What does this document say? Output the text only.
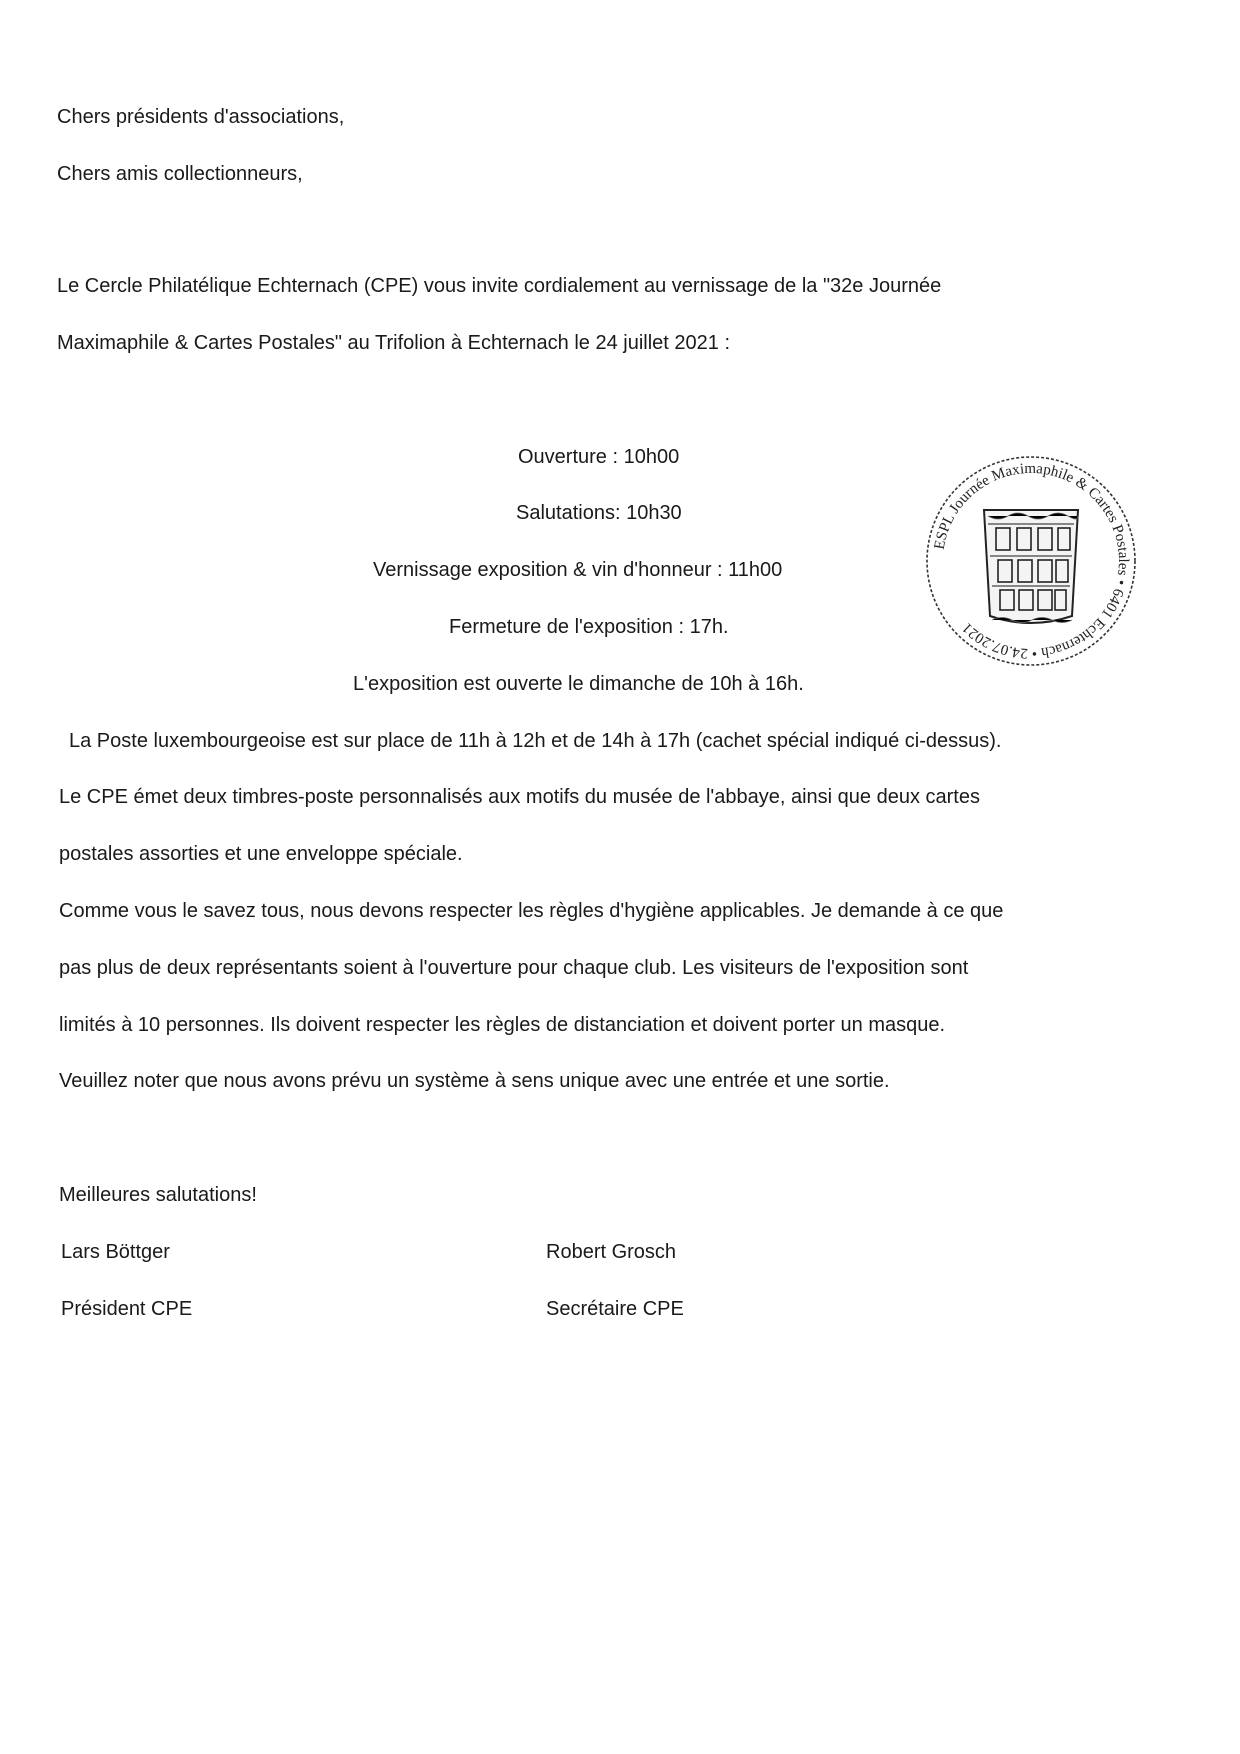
Chers présidents d'associations,
Chers amis collectionneurs,
Le Cercle Philatélique Echternach (CPE) vous invite cordialement au vernissage de la "32e Journée
Maximaphile & Cartes Postales" au Trifolion à Echternach le 24 juillet 2021 :
Ouverture : 10h00
Salutations: 10h30
Vernissage exposition & vin d'honneur : 11h00
Fermeture de l'exposition : 17h.
L'exposition est ouverte le dimanche de 10h à 16h.
La Poste luxembourgeoise est sur place de 11h à 12h et de 14h à 17h (cachet spécial indiqué ci-dessus).
Le CPE émet deux timbres-poste personnalisés aux motifs du musée de l'abbaye, ainsi que deux cartes
postales assorties et une enveloppe spéciale.
Comme vous le savez tous, nous devons respecter les règles d'hygiène applicables. Je demande à ce que
pas plus de deux représentants soient à l'ouverture pour chaque club. Les visiteurs de l'exposition sont
limités à 10 personnes. Ils doivent respecter les règles de distanciation et doivent porter un masque.
Veuillez noter que nous avons prévu un système à sens unique avec une entrée et une sortie.
Meilleures salutations!
Lars Böttger
Président CPE
Robert Grosch
Secrétaire CPE
ESPL Journée Maximaphile & Cartes Postales • 6401 Echternach • 24.07.2021
